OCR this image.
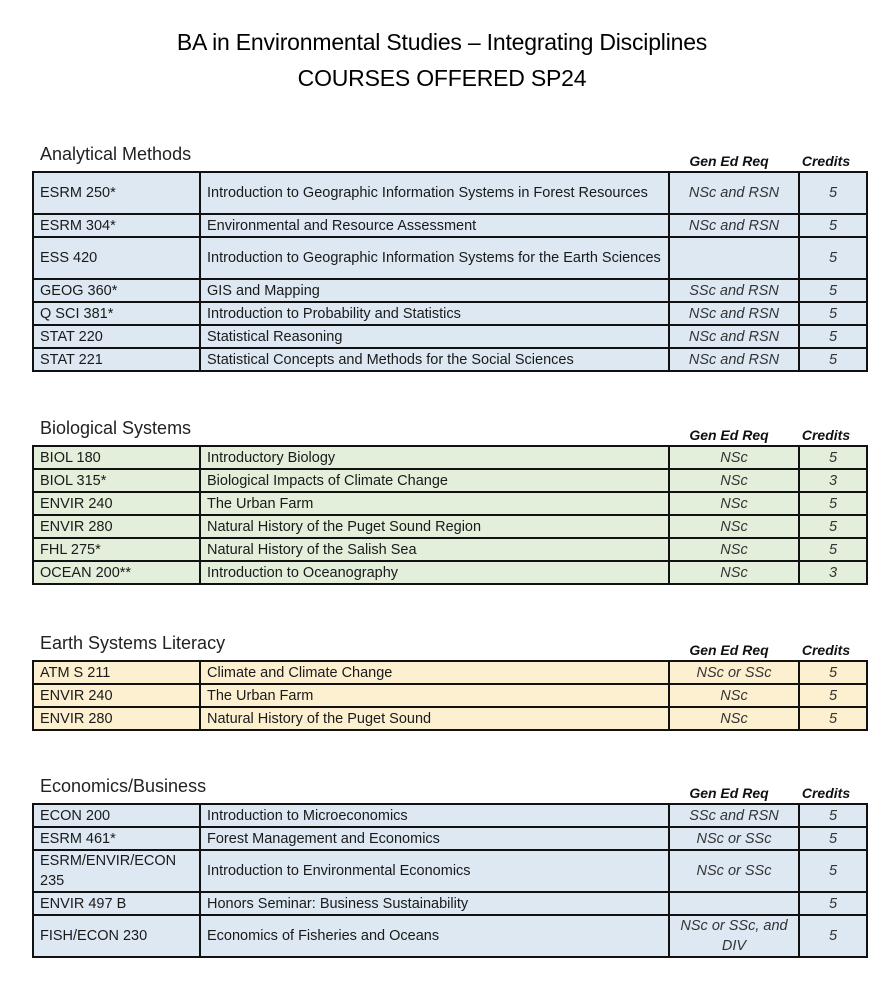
BA in Environmental Studies – Integrating Disciplines
COURSES OFFERED SP24
Analytical Methods	Gen Ed Req	Credits
ESRM 250*	Introduction to Geographic Information Systems in Forest Resources	NSc and RSN	5
ESRM 304*	Environmental and Resource Assessment	NSc and RSN	5
ESS 420	Introduction to Geographic Information Systems for the Earth Sciences		5
GEOG 360*	GIS and Mapping	SSc and RSN	5
Q SCI 381*	Introduction to Probability and Statistics	NSc and RSN	5
STAT 220	Statistical Reasoning	NSc and RSN	5
STAT 221	Statistical Concepts and Methods for the Social Sciences	NSc and RSN	5
Biological Systems	Gen Ed Req	Credits
BIOL 180	Introductory Biology	NSc	5
BIOL 315*	Biological Impacts of Climate Change	NSc	3
ENVIR 240	The Urban Farm	NSc	5
ENVIR 280	Natural History of the Puget Sound Region	NSc	5
FHL 275*	Natural History of the Salish Sea	NSc	5
OCEAN 200**	Introduction to Oceanography	NSc	3
Earth Systems Literacy	Gen Ed Req	Credits
ATM S 211	Climate and Climate Change	NSc or SSc	5
ENVIR 240	The Urban Farm	NSc	5
ENVIR 280	Natural History of the Puget Sound	NSc	5
Economics/Business	Gen Ed Req	Credits
ECON 200	Introduction to Microeconomics	SSc and RSN	5
ESRM 461*	Forest Management and Economics	NSc or SSc	5
ESRM/ENVIR/ECON 235	Introduction to Environmental Economics	NSc or SSc	5
ENVIR 497 B	Honors Seminar: Business Sustainability		5
FISH/ECON 230	Economics of Fisheries and Oceans	NSc or SSc, and DIV	5
